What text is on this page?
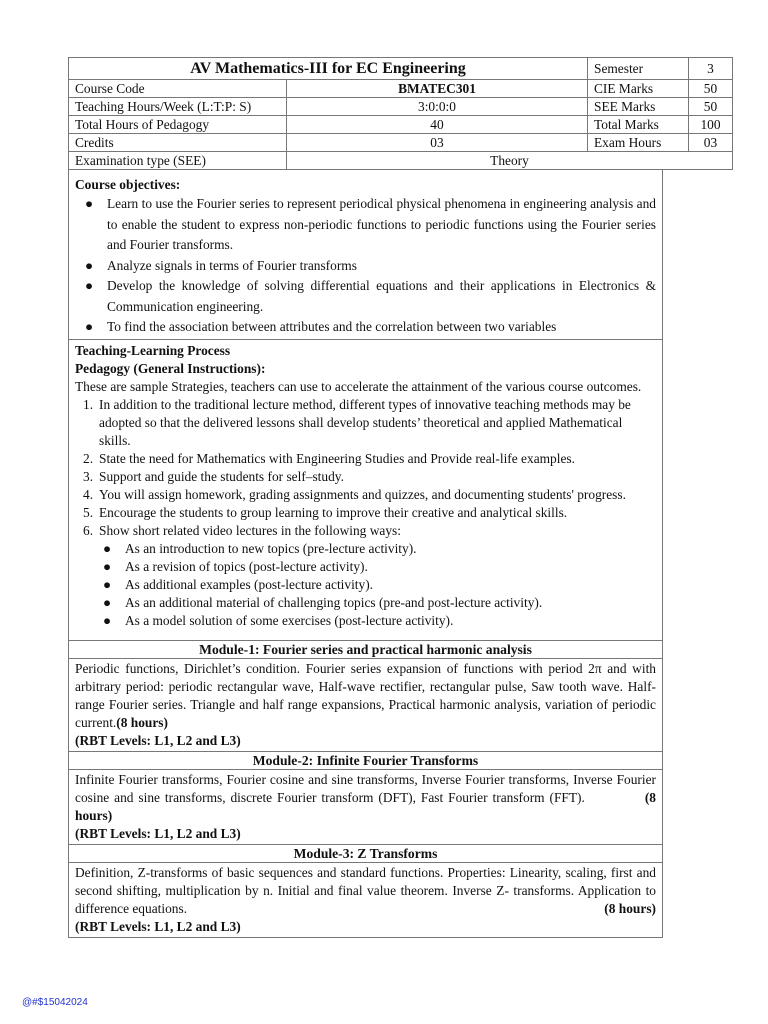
AV Mathematics-III for EC Engineering		Semester	3
Course Code	BMATEC301	CIE Marks	50
Teaching Hours/Week (L:T:P: S)	3:0:0:0	SEE Marks	50
Total Hours of Pedagogy	40	Total Marks	100
Credits	03	Exam Hours	03
Examination type (SEE)	Theory		
Course objectives:
● Learn to use the Fourier series to represent periodical physical phenomena in engineering analysis and to enable the student to express non-periodic functions to periodic functions using the Fourier series and Fourier transforms.
● Analyze signals in terms of Fourier transforms
● Develop the knowledge of solving differential equations and their applications in Electronics & Communication engineering.
● To find the association between attributes and the correlation between two variables
Teaching-Learning Process
Pedagogy (General Instructions):
These are sample Strategies, teachers can use to accelerate the attainment of the various course outcomes.
1. In addition to the traditional lecture method, different types of innovative teaching methods may be adopted so that the delivered lessons shall develop students’ theoretical and applied Mathematical skills.
2. State the need for Mathematics with Engineering Studies and Provide real-life examples.
3. Support and guide the students for self–study.
4. You will assign homework, grading assignments and quizzes, and documenting students' progress.
5. Encourage the students to group learning to improve their creative and analytical skills.
6. Show short related video lectures in the following ways:
● As an introduction to new topics (pre-lecture activity).
● As a revision of topics (post-lecture activity).
● As additional examples (post-lecture activity).
● As an additional material of challenging topics (pre-and post-lecture activity).
● As a model solution of some exercises (post-lecture activity).
Module-1: Fourier series and practical harmonic analysis
Periodic functions, Dirichlet’s condition. Fourier series expansion of functions with period 2π and with arbitrary period: periodic rectangular wave, Half-wave rectifier, rectangular pulse, Saw tooth wave. Half-range Fourier series. Triangle and half range expansions, Practical harmonic analysis, variation of periodic current.(8 hours)
(RBT Levels: L1, L2 and L3)
Module-2: Infinite Fourier Transforms
Infinite Fourier transforms, Fourier cosine and sine transforms, Inverse Fourier transforms, Inverse Fourier cosine and sine transforms, discrete Fourier transform (DFT), Fast Fourier transform (FFT).	(8 hours)
(RBT Levels: L1, L2 and L3)
Module-3: Z Transforms
Definition, Z-transforms of basic sequences and standard functions. Properties: Linearity, scaling, first and second shifting, multiplication by n. Initial and final value theorem. Inverse Z- transforms. Application to difference equations.	(8 hours)
(RBT Levels: L1, L2 and L3)
@#$15042024
